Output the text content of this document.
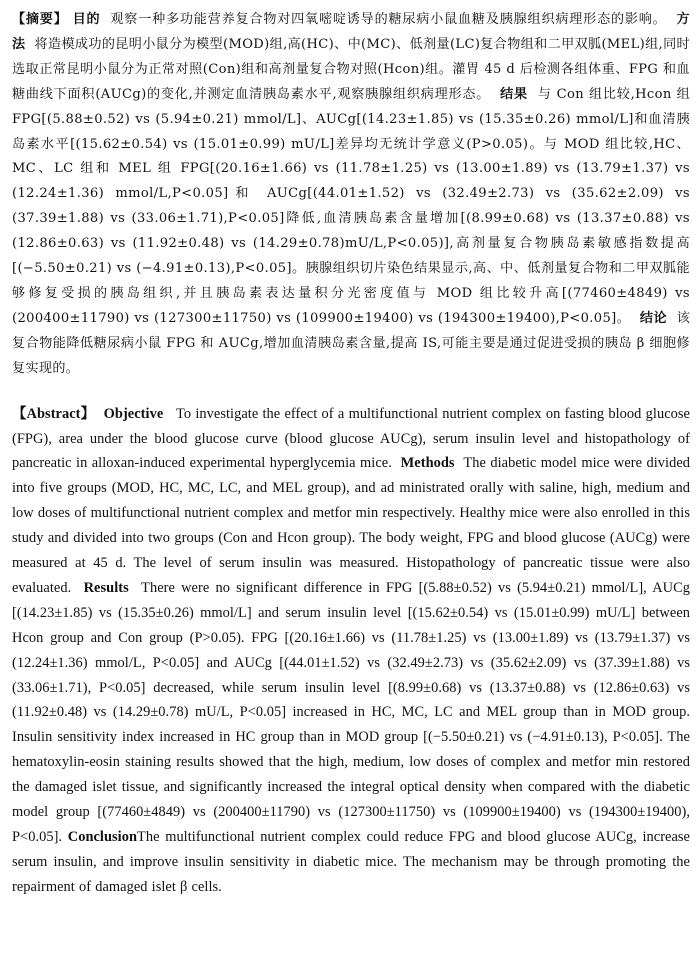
【摘要】 目的 观察一种多功能营养复合物对四氧嘧啶诱导的糖尿病小鼠血糖及胰腺组织病理形态的影响。 方法 将造模成功的昆明小鼠分为模型(MOD)组,高(HC)、中(MC)、低剂量(LC)复合物组和二甲双胍(MEL)组,同时选取正常昆明小鼠分为正常对照(Con)组和高剂量复合物对照(Hcon)组。灌胃 45 d 后检测各组体重、FPG 和血糖曲线下面积(AUCg)的变化,并测定血清胰岛素水平,观察胰腺组织病理形态。 结果 与 Con 组比较,Hcon 组 FPG[(5.88±0.52) vs (5.94±0.21) mmol/L]、AUCg[(14.23±1.85) vs (15.35±0.26) mmol/L]和血清胰岛素水平[(15.62±0.54) vs (15.01±0.99) mU/L]差异均无统计学意义(P>0.05)。与 MOD 组比较,HC、MC、LC 组和 MEL 组 FPG[(20.16±1.66) vs (11.78±1.25) vs (13.00±1.89) vs (13.79±1.37) vs (12.24±1.36) mmol/L,P<0.05]和 AUCg[(44.01±1.52) vs (32.49±2.73) vs (35.62±2.09) vs (37.39±1.88) vs (33.06±1.71),P<0.05]降低,血清胰岛素含量增加[(8.99±0.68) vs (13.37±0.88) vs (12.86±0.63) vs (11.92±0.48) vs (14.29±0.78)mU/L,P<0.05)],高剂量复合物胰岛素敏感指数提高[(−5.50±0.21) vs (−4.91±0.13),P<0.05]。胰腺组织切片染色结果显示,高、中、低剂量复合物和二甲双胍能够修复受损的胰岛组织,并且胰岛素表达量积分光密度值与 MOD 组比较升高[(77460±4849) vs (200400±11790) vs (127300±11750) vs (109900±19400) vs (194300±19400),P<0.05]。 结论 该复合物能降低糖尿病小鼠 FPG 和 AUCg,增加血清胰岛素含量,提高 IS,可能主要是通过促进受损的胰岛 β 细胞修复实现的。

【Abstract】 Objective To investigate the effect of a multifunctional nutrient complex on fasting blood glucose (FPG), area under the blood glucose curve (blood glucose AUCg), serum insulin level and histopathology of pancreatic in alloxan-induced experimental hyperglycemia mice. Methods The diabetic model mice were divided into five groups (MOD, HC, MC, LC, and MEL group), and ad ministrated orally with saline, high, medium and low doses of multifunctional nutrient complex and metfor min respectively. Healthy mice were also enrolled in this study and divided into two groups (Con and Hcon group). The body weight, FPG and blood glucose (AUCg) were measured at 45 d. The level of serum insulin was measured. Histopathology of pancreatic tissue were also evaluated. Results There were no significant difference in FPG [(5.88±0.52) vs (5.94±0.21) mmol/L], AUCg [(14.23±1.85) vs (15.35±0.26) mmol/L] and serum insulin level [(15.62±0.54) vs (15.01±0.99) mU/L] between Hcon group and Con group (P>0.05). FPG [(20.16±1.66) vs (11.78±1.25) vs (13.00±1.89) vs (13.79±1.37) vs (12.24±1.36) mmol/L, P<0.05] and AUCg [(44.01±1.52) vs (32.49±2.73) vs (35.62±2.09) vs (37.39±1.88) vs (33.06±1.71), P<0.05] decreased, while serum insulin level [(8.99±0.68) vs (13.37±0.88) vs (12.86±0.63) vs (11.92±0.48) vs (14.29±0.78) mU/L, P<0.05] increased in HC, MC, LC and MEL group than in MOD group. Insulin sensitivity index increased in HC group than in MOD group [(−5.50±0.21) vs (−4.91±0.13), P<0.05]. The hematoxylin-eosin staining results showed that the high, medium, low doses of complex and metfor min restored the damaged islet tissue, and significantly increased the integral optical density when compared with the diabetic model group [(77460±4849) vs (200400±11790) vs (127300±11750) vs (109900±19400) vs (194300±19400), P<0.05]. ConclusionThe multifunctional nutrient complex could reduce FPG and blood glucose AUCg, increase serum insulin, and improve insulin sensitivity in diabetic mice. The mechanism may be through promoting the repairment of damaged islet β cells.
